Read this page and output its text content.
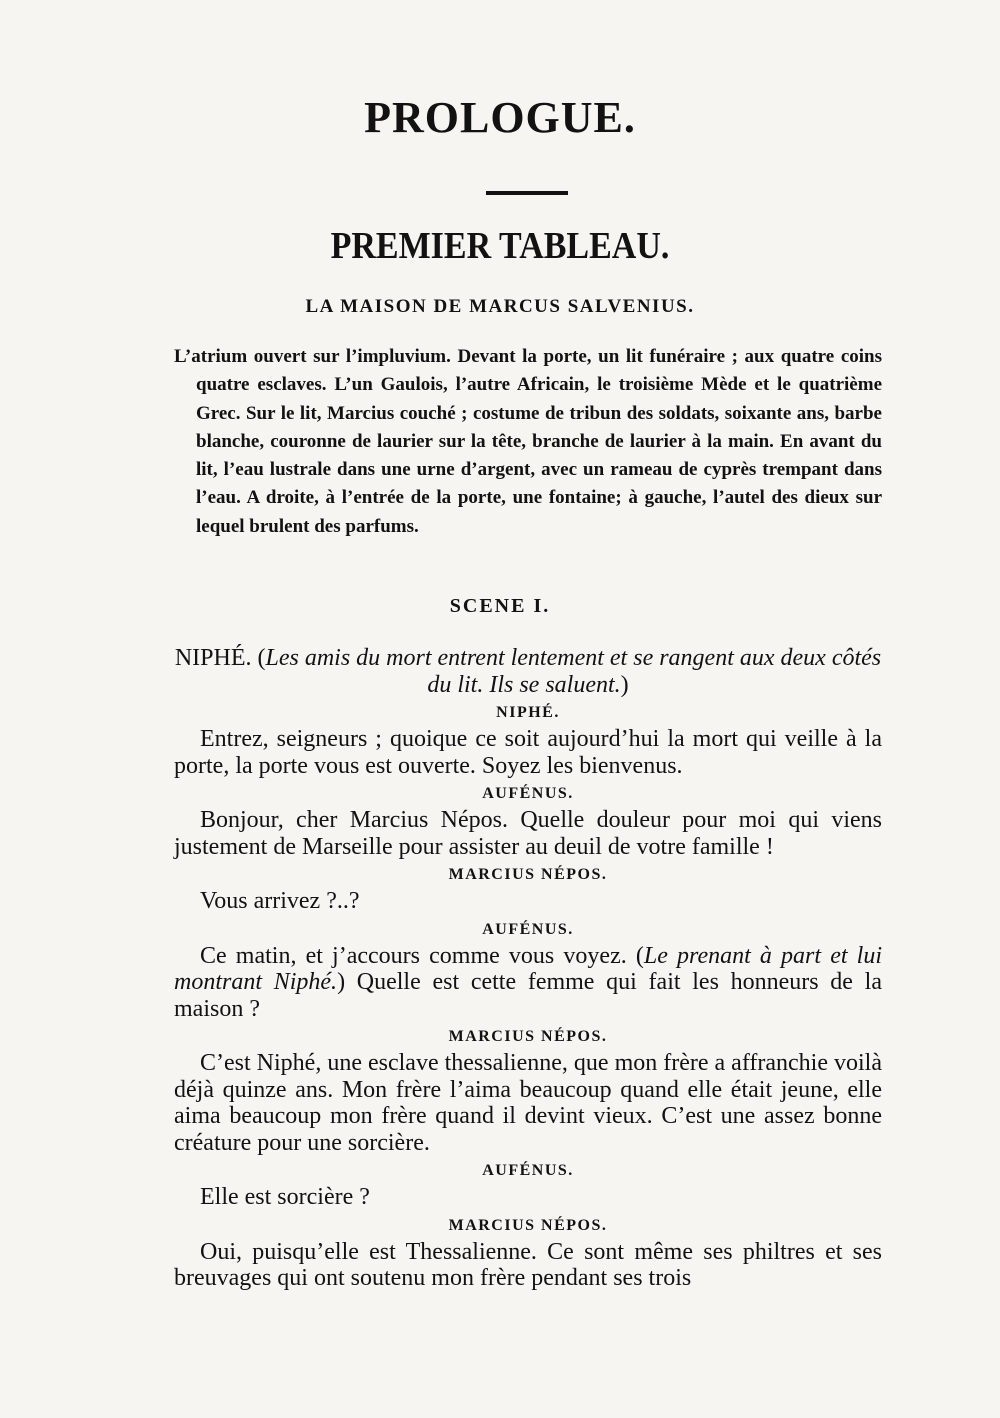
PROLOGUE.
PREMIER TABLEAU.
LA MAISON DE MARCUS SALVENIUS.
L’atrium ouvert sur l’impluvium. Devant la porte, un lit funéraire ; aux quatre coins quatre esclaves. L’un Gaulois, l’autre Africain, le troisième Mède et le quatrième Grec. Sur le lit, Marcius couché ; costume de tribun des soldats, soixante ans, barbe blanche, couronne de laurier sur la tête, branche de laurier à la main. En avant du lit, l’eau lustrale dans une urne d’argent, avec un rameau de cyprès trempant dans l’eau. A droite, à l’entrée de la porte, une fontaine; à gauche, l’autel des dieux sur lequel brulent des parfums.
SCENE I.

NIPHÉ. (Les amis du mort entrent lentement et se rangent aux deux côtés du lit. Ils se saluent.)

NIPHÉ.

Entrez, seigneurs ; quoique ce soit aujourd’hui la mort qui veille à la porte, la porte vous est ouverte. Soyez les bienvenus.

AUFÉNUS.

Bonjour, cher Marcius Népos. Quelle douleur pour moi qui viens justement de Marseille pour assister au deuil de votre famille !

MARCIUS NÉPOS.

Vous arrivez ?..?

AUFÉNUS.

Ce matin, et j’accours comme vous voyez. (Le prenant à part et lui montrant Niphé.) Quelle est cette femme qui fait les honneurs de la maison ?

MARCIUS NÉPOS.

C’est Niphé, une esclave thessalienne, que mon frère a affranchie voilà déjà quinze ans. Mon frère l’aima beaucoup quand elle était jeune, elle aima beaucoup mon frère quand il devint vieux. C’est une assez bonne créature pour une sorcière.

AUFÉNUS.

Elle est sorcière ?

MARCIUS NÉPOS.

Oui, puisqu’elle est Thessalienne. Ce sont même ses philtres et ses breuvages qui ont soutenu mon frère pendant ses trois
